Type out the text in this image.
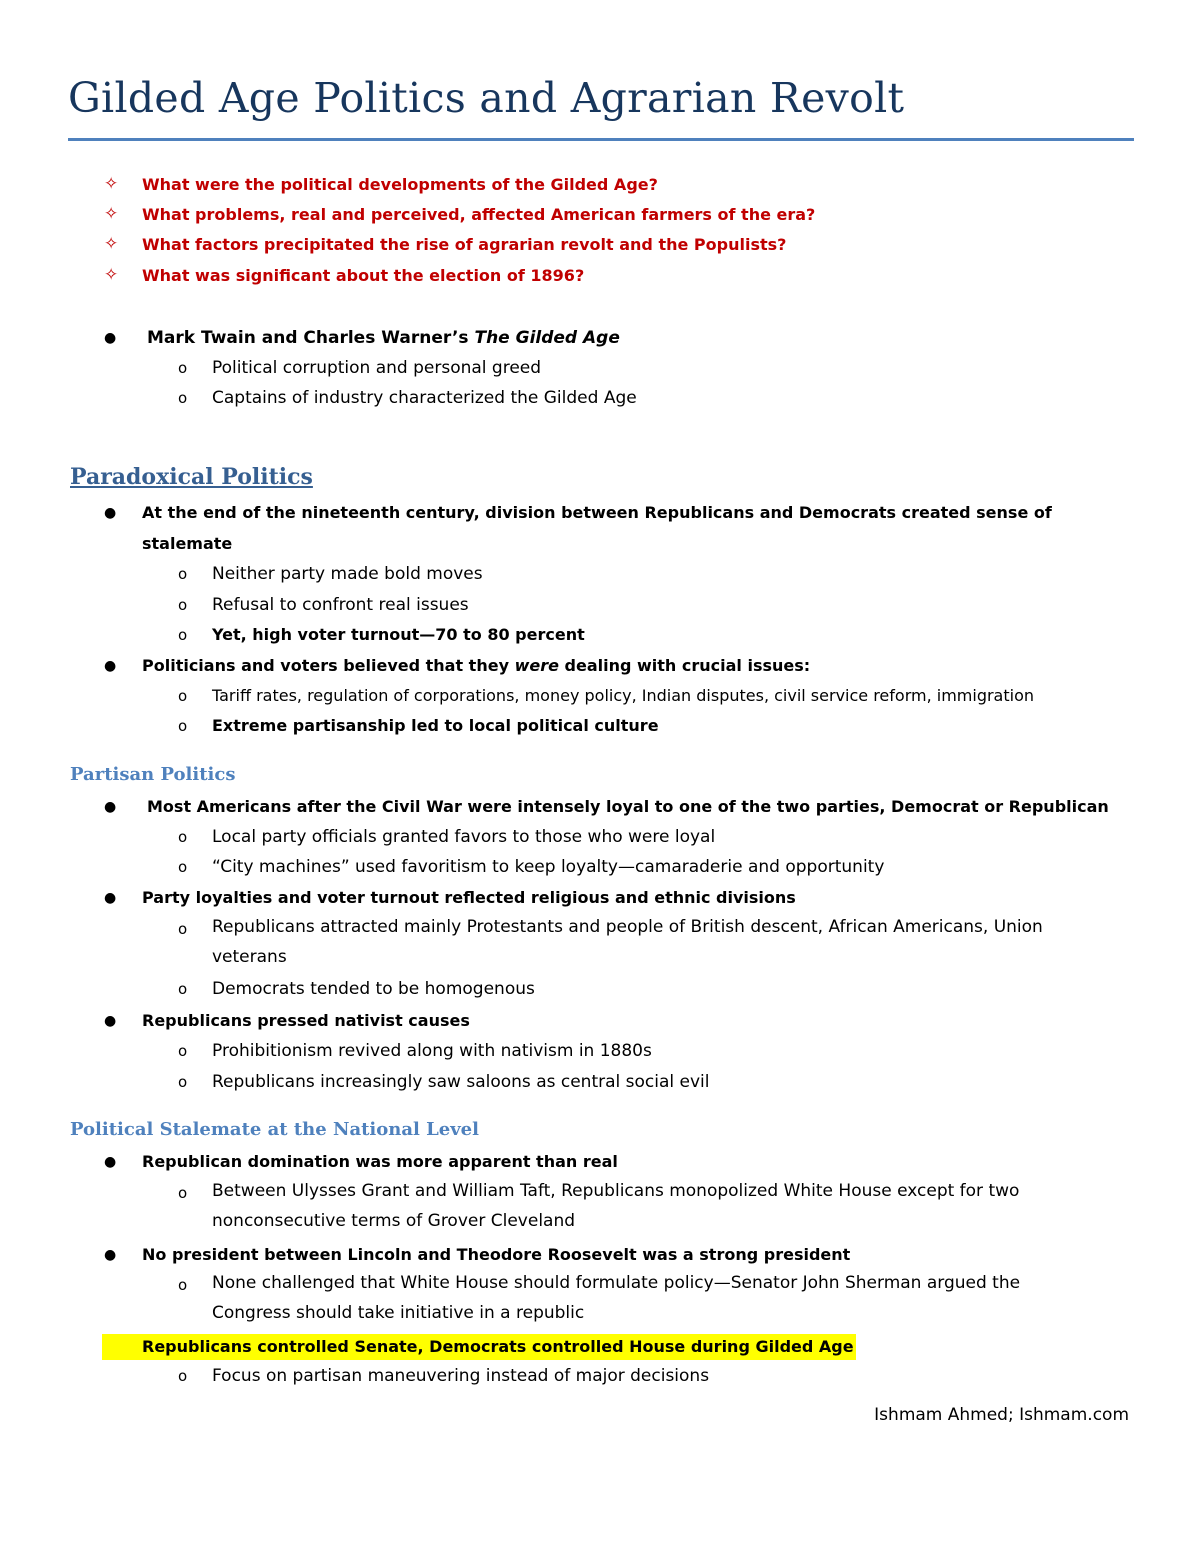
Gilded Age Politics and Agrarian Revolt
✧ What were the political developments of the Gilded Age?
✧ What problems, real and perceived, affected American farmers of the era?
✧ What factors precipitated the rise of agrarian revolt and the Populists?
✧ What was significant about the election of 1896?
● Mark Twain and Charles Warner’s The Gilded Age
o Political corruption and personal greed
o Captains of industry characterized the Gilded Age
Paradoxical Politics
● At the end of the nineteenth century, division between Republicans and Democrats created sense of
stalemate
o Neither party made bold moves
o Refusal to confront real issues
o Yet, high voter turnout—70 to 80 percent
● Politicians and voters believed that they were dealing with crucial issues:
o Tariff rates, regulation of corporations, money policy, Indian disputes, civil service reform, immigration
o Extreme partisanship led to local political culture
Partisan Politics
● Most Americans after the Civil War were intensely loyal to one of the two parties, Democrat or Republican
o Local party officials granted favors to those who were loyal
o “City machines” used favoritism to keep loyalty—camaraderie and opportunity
● Party loyalties and voter turnout reflected religious and ethnic divisions
o Republicans attracted mainly Protestants and people of British descent, African Americans, Union veterans
o Democrats tended to be homogenous
● Republicans pressed nativist causes
o Prohibitionism revived along with nativism in 1880s
o Republicans increasingly saw saloons as central social evil
Political Stalemate at the National Level
● Republican domination was more apparent than real
o Between Ulysses Grant and William Taft, Republicans monopolized White House except for two nonconsecutive terms of Grover Cleveland
● No president between Lincoln and Theodore Roosevelt was a strong president
o None challenged that White House should formulate policy—Senator John Sherman argued the Congress should take initiative in a republic
Republicans controlled Senate, Democrats controlled House during Gilded Age
o Focus on partisan maneuvering instead of major decisions
Ishmam Ahmed; Ishmam.com
